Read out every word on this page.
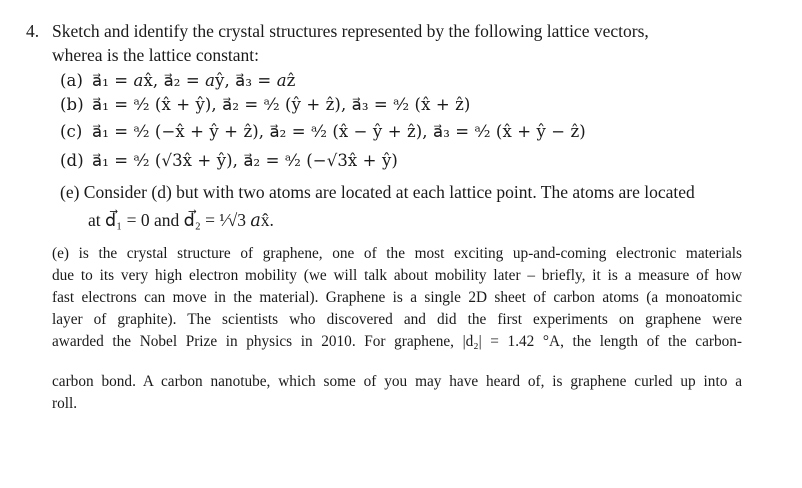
4. Sketch and identify the crystal structures represented by the following lattice vectors,
wherea is the lattice constant:
(a) a⃗₁ = 𝑎x̂, a⃗₂ = 𝑎ŷ, a⃗₃ = 𝑎ẑ
(b) a⃗₁ = ᵃ⁄₂ (x̂ + ŷ), a⃗₂ = ᵃ⁄₂ (ŷ + ẑ), a⃗₃ = ᵃ⁄₂ (x̂ + ẑ)
(c) a⃗₁ = ᵃ⁄₂ (−x̂ + ŷ + ẑ), a⃗₂ = ᵃ⁄₂ (x̂ − ŷ + ẑ), a⃗₃ = ᵃ⁄₂ (x̂ + ŷ − ẑ)
(d) a⃗₁ = ᵃ⁄₂ (√3x̂ + ŷ), a⃗₂ = ᵃ⁄₂ (−√3x̂ + ŷ)
(e) Consider (d) but with two atoms are located at each lattice point. The atoms are located
at d⃗₁ = 0 and d⃗₂ = ¹⁄√3 𝑎x̂.
(e) is the crystal structure of graphene, one of the most exciting up-and-coming electronic materials
due to its very high electron mobility (we will talk about mobility later – briefly, it is a measure of how
fast electrons can move in the material). Graphene is a single 2D sheet of carbon atoms (a monoatomic
layer of graphite). The scientists who discovered and did the first experiments on graphene were
awarded the Nobel Prize in physics in 2010. For graphene, |d₂| = 1.42 °A, the length of the carbon-
carbon bond. A carbon nanotube, which some of you may have heard of, is graphene curled up into a
roll.
